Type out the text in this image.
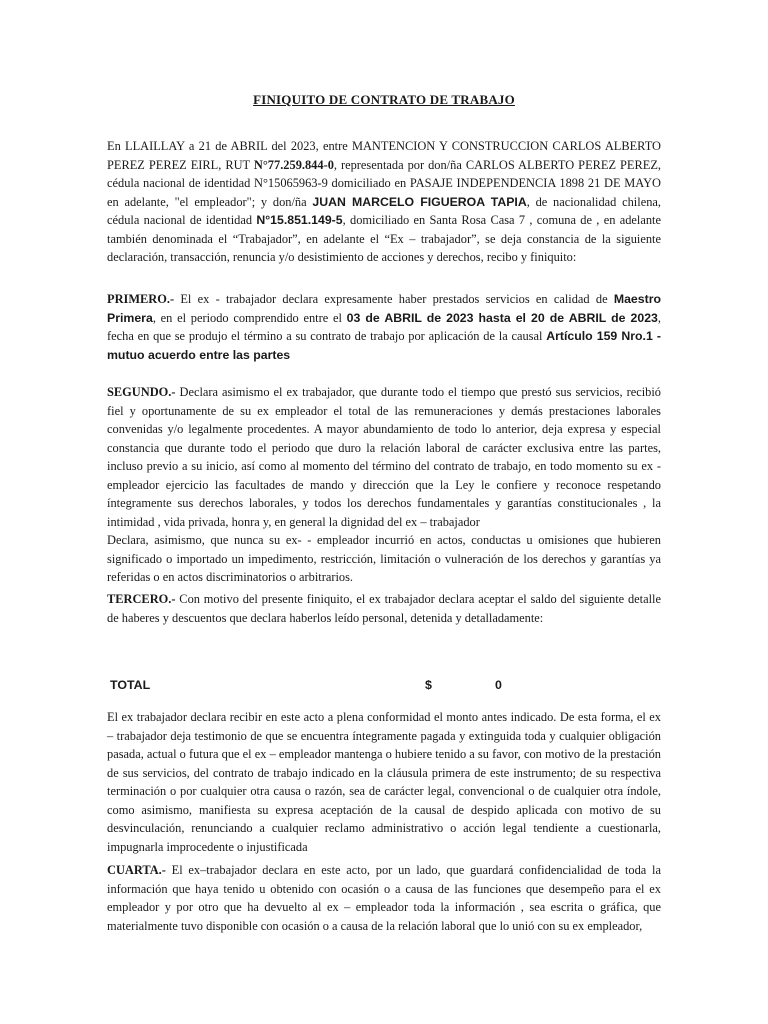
FINIQUITO DE CONTRATO DE TRABAJO

En LLAILLAY a 21 de ABRIL del 2023, entre MANTENCION Y CONSTRUCCION CARLOS ALBERTO PEREZ PEREZ EIRL, RUT N°77.259.844-0, representada por don/ña CARLOS ALBERTO PEREZ PEREZ, cédula nacional de identidad N°15065963-9 domiciliado en PASAJE INDEPENDENCIA 1898 21 DE MAYO en adelante, "el empleador"; y don/ña JUAN MARCELO FIGUEROA TAPIA, de nacionalidad chilena, cédula nacional de identidad N°15.851.149-5, domiciliado en Santa Rosa Casa 7 , comuna de , en adelante también denominada el “Trabajador”, en adelante el “Ex – trabajador”, se deja constancia de la siguiente declaración, transacción, renuncia y/o desistimiento de acciones y derechos, recibo y finiquito:

PRIMERO.- El ex - trabajador declara expresamente haber prestados servicios en calidad de Maestro Primera, en el periodo comprendido entre el 03 de ABRIL de 2023 hasta el 20 de ABRIL de 2023, fecha en que se produjo el término a su contrato de trabajo por aplicación de la causal Artículo 159 Nro.1 - mutuo acuerdo entre las partes

SEGUNDO.- Declara asimismo el ex trabajador, que durante todo el tiempo que prestó sus servicios, recibió fiel y oportunamente de su ex empleador el total de las remuneraciones y demás prestaciones laborales convenidas y/o legalmente procedentes. A mayor abundamiento de todo lo anterior, deja expresa y especial constancia que durante todo el periodo que duro la relación laboral de carácter exclusiva entre las partes, incluso previo a su inicio, así como al momento del término del contrato de trabajo, en todo momento su ex - empleador ejercicio las facultades de mando y dirección que la Ley le confiere y reconoce respetando íntegramente sus derechos laborales, y todos los derechos fundamentales y garantías constitucionales , la intimidad , vida privada, honra y, en general la dignidad del ex – trabajador
Declara, asimismo, que nunca su ex- - empleador incurrió en actos, conductas u omisiones que hubieren significado o importado un impedimento, restricción, limitación o vulneración de los derechos y garantías ya referidas o en actos discriminatorios o arbitrarios.

TERCERO.- Con motivo del presente finiquito, el ex trabajador declara aceptar el saldo del siguiente detalle de haberes y descuentos que declara haberlos leído personal, detenida y detalladamente:

TOTAL	$	0

El ex trabajador declara recibir en este acto a plena conformidad el monto antes indicado. De esta forma, el ex – trabajador deja testimonio de que se encuentra íntegramente pagada y extinguida toda y cualquier obligación pasada, actual o futura que el ex – empleador mantenga o hubiere tenido a su favor, con motivo de la prestación de sus servicios, del contrato de trabajo indicado en la cláusula primera de este instrumento; de su respectiva terminación o por cualquier otra causa o razón, sea de carácter legal, convencional o de cualquier otra índole, como asimismo, manifiesta su expresa aceptación de la causal de despido aplicada con motivo de su desvinculación, renunciando a cualquier reclamo administrativo o acción legal tendiente a cuestionarla, impugnarla improcedente o injustificada

CUARTA.- El ex–trabajador declara en este acto, por un lado, que guardará confidencialidad de toda la información que haya tenido u obtenido con ocasión o a causa de las funciones que desempeño para el ex empleador y por otro que ha devuelto al ex – empleador toda la información , sea escrita o gráfica, que materialmente tuvo disponible con ocasión o a causa de la relación laboral que lo unió con su ex empleador,
